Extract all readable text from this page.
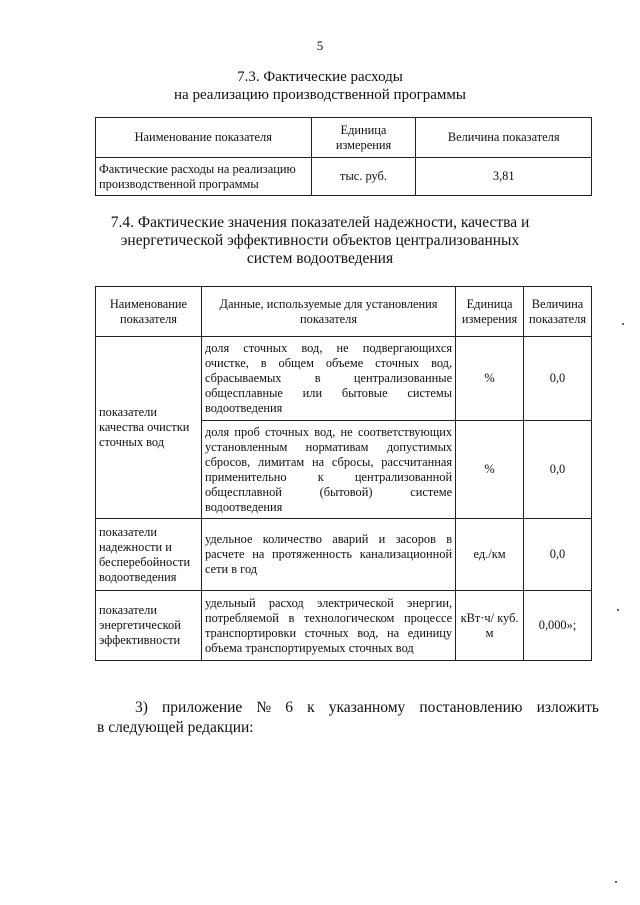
5
7.3. Фактические расходы
на реализацию производственной программы
Наименование показателя	Единица измерения	Величина показателя
Фактические расходы на реализацию производственной программы	тыс. руб.	3,81
7.4. Фактические значения показателей надежности, качества и
энергетической эффективности объектов централизованных
систем водоотведения
Наименование показателя	Данные, используемые для установления показателя	Единица измерения	Величина показателя
показатели качества очистки сточных вод	доля сточных вод, не подвергающихся очистке, в общем объеме сточных вод, сбрасываемых в централизованные общесплавные или бытовые системы водоотведения	%	0,0
	доля проб сточных вод, не соответствующих установленным нормативам допустимых сбросов, лимитам на сбросы, рассчитанная применительно к централизованной общесплавной (бытовой) системе водоотведения	%	0,0
показатели надежности и бесперебойности водоотведения	удельное количество аварий и засоров в расчете на протяженность канализационной сети в год	ед./км	0,0
показатели энергетической эффективности	удельный расход электрической энергии, потребляемой в технологическом процессе транспортировки сточных вод, на единицу объема транспортируемых сточных вод	кВт·ч/ куб. м	0,000»;
3) приложение № 6 к указанному постановлению изложить
в следующей редакции:
